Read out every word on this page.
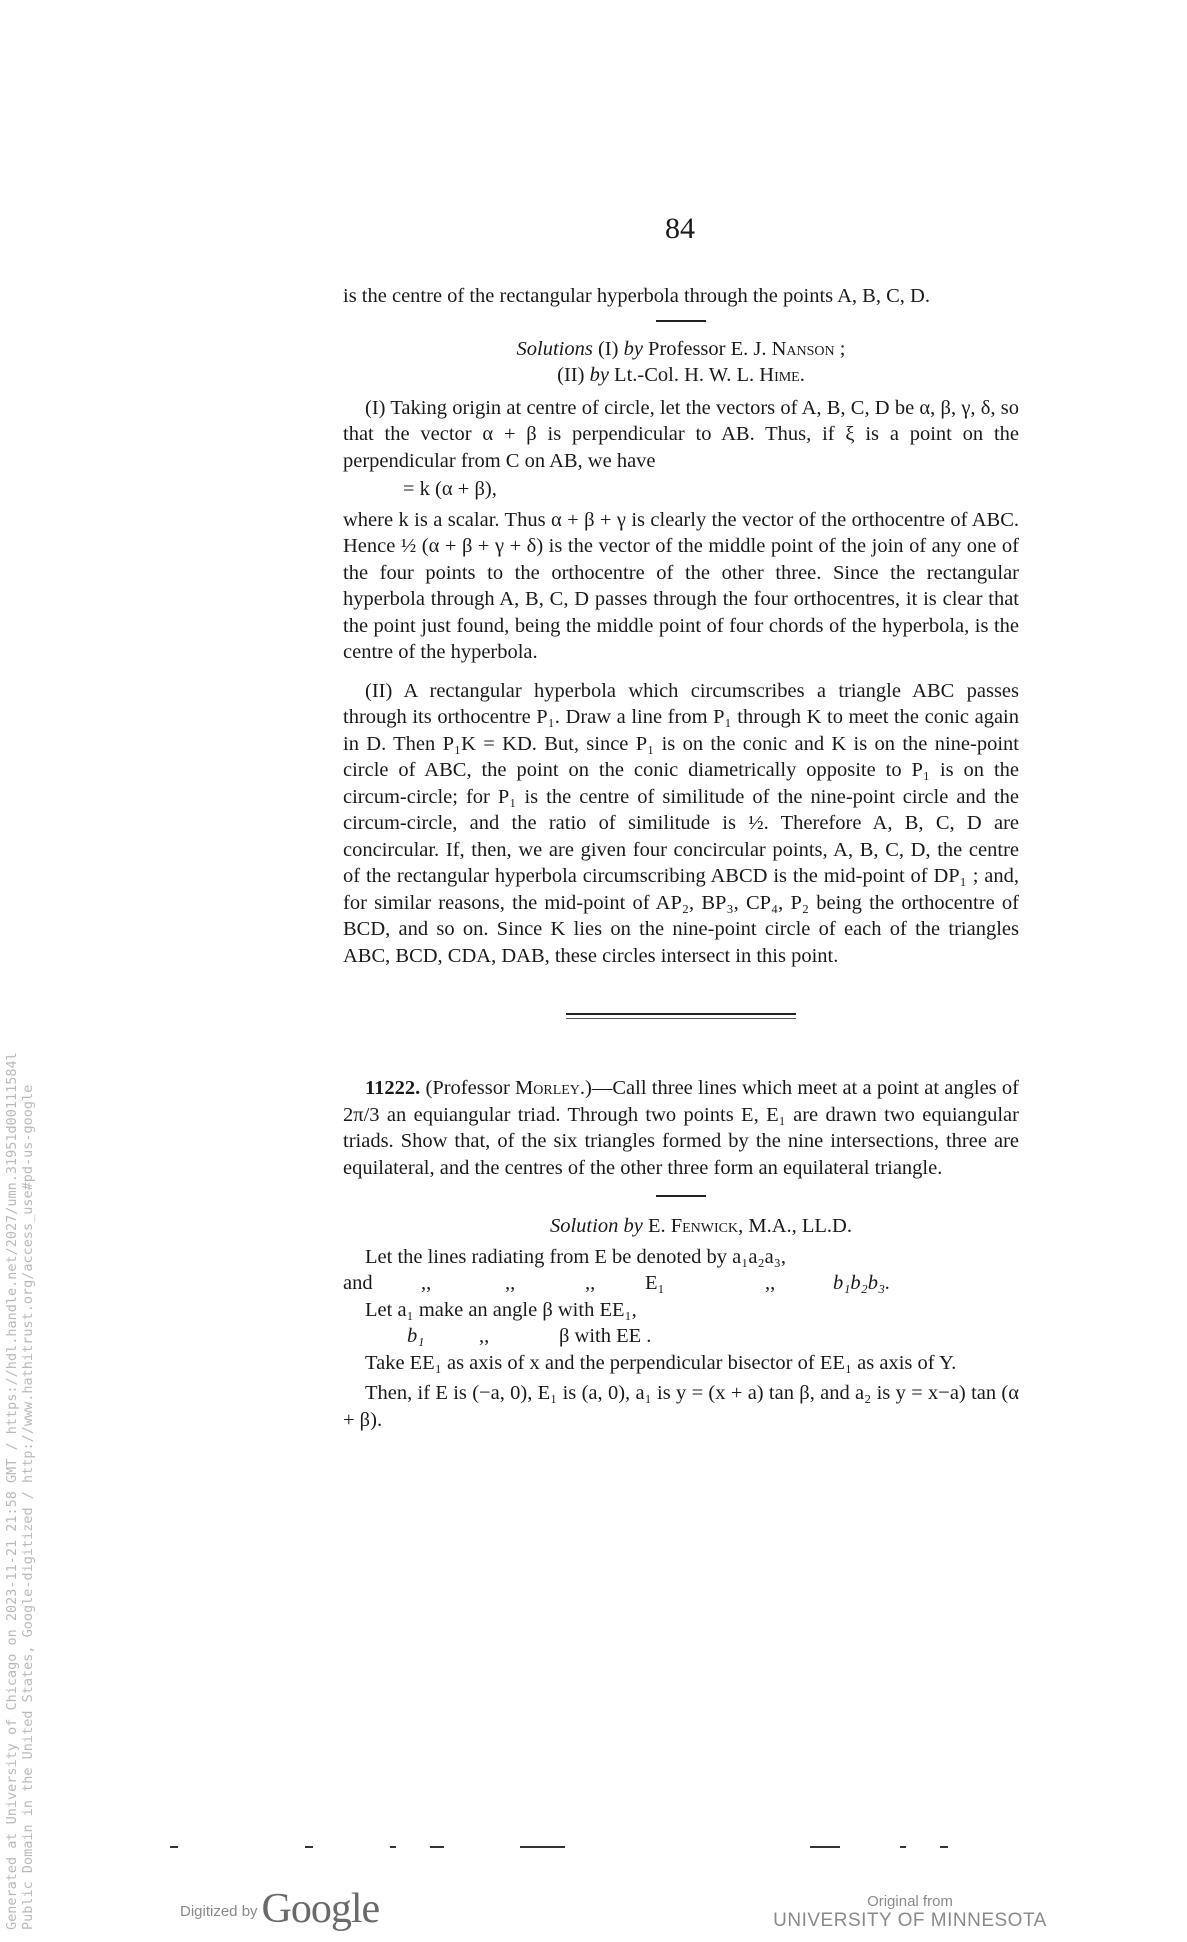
Generated at University of Chicago on 2023-11-21 21:58 GMT / https://hdl.handle.net/2027/umn.31951d00111584l Public Domain in the United States, Google-digitized / http://www.hathitrust.org/access_use#pd-us-google
84

is the centre of the rectangular hyperbola through the points A, B, C, D.

Solutions (I) by Professor E. J. Nanson ;

(II) by Lt.-Col. H. W. L. Hime.

(I) Taking origin at centre of circle, let the vectors of A, B, C, D be α, β, γ, δ, so that the vector α + β is perpendicular to AB. Thus, if ξ is a point on the perpendicular from C on AB, we have

= k (α + β),

where k is a scalar. Thus α + β + γ is clearly the vector of the orthocentre of ABC. Hence ½ (α + β + γ + δ) is the vector of the middle point of the join of any one of the four points to the orthocentre of the other three. Since the rectangular hyperbola through A, B, C, D passes through the four orthocentres, it is clear that the point just found, being the middle point of four chords of the hyperbola, is the centre of the hyperbola.

(II) A rectangular hyperbola which circumscribes a triangle ABC passes through its orthocentre P₁. Draw a line from P₁ through K to meet the conic again in D. Then P₁K = KD. But, since P₁ is on the conic and K is on the nine-point circle of ABC, the point on the conic diametrically opposite to P₁ is on the circum-circle; for P₁ is the centre of similitude of the nine-point circle and the circum-circle, and the ratio of similitude is ½. Therefore A, B, C, D are concircular. If, then, we are given four concircular points, A, B, C, D, the centre of the rectangular hyperbola circumscribing ABCD is the mid-point of DP₁ ; and, for similar reasons, the mid-point of AP₂, BP₃, CP₄, P₂ being the orthocentre of BCD, and so on. Since K lies on the nine-point circle of each of the triangles ABC, BCD, CDA, DAB, these circles intersect in this point.

11222. (Professor Morley.)—Call three lines which meet at a point at angles of 2π/3 an equiangular triad. Through two points E, E₁ are drawn two equiangular triads. Show that, of the six triangles formed by the nine intersections, three are equilateral, and the centres of the other three form an equilateral triangle.

Solution by E. Fenwick, M.A., LL.D.

Let the lines radiating from E be denoted by a₁a₂a₃,

and ,,	,,	,, E₁	,,	b₁b₂b₃.

Let a₁ make an angle β with EE₁,

b₁	,,	β with EE .

Take EE₁ as axis of x and the perpendicular bisector of EE₁ as axis of Y.

Then, if E is (−a, 0), E₁ is (a, 0), a₁ is y = (x + a) tan β, and a₂ is y = x−a) tan (α + β).

Digitized by Google	Original from
UNIVERSITY OF MINNESOTA
